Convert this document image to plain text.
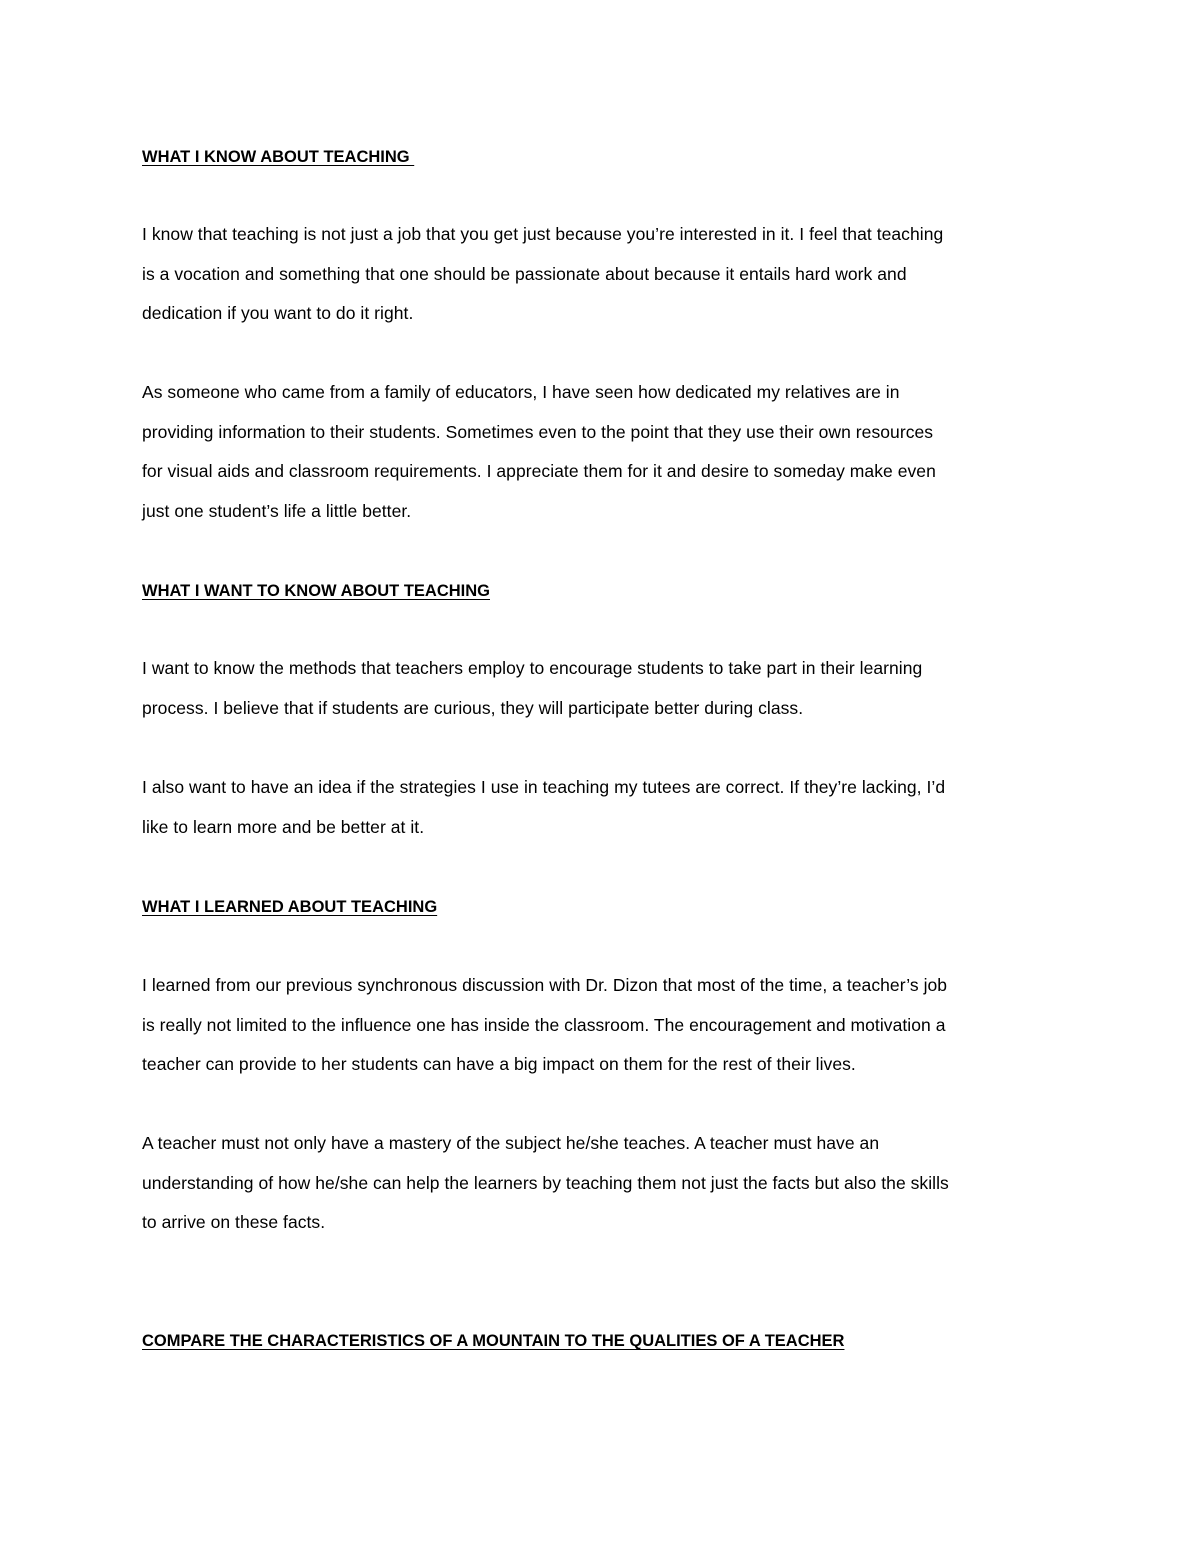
WHAT I KNOW ABOUT TEACHING
I know that teaching is not just a job that you get just because you’re interested in it. I feel that teaching
is a vocation and something that one should be passionate about because it entails hard work and
dedication if you want to do it right.
As someone who came from a family of educators, I have seen how dedicated my relatives are in
providing information to their students. Sometimes even to the point that they use their own resources
for visual aids and classroom requirements. I appreciate them for it and desire to someday make even
just one student’s life a little better.
WHAT I WANT TO KNOW ABOUT TEACHING
I want to know the methods that teachers employ to encourage students to take part in their learning
process. I believe that if students are curious, they will participate better during class.
I also want to have an idea if the strategies I use in teaching my tutees are correct. If they’re lacking, I’d
like to learn more and be better at it.
WHAT I LEARNED ABOUT TEACHING
I learned from our previous synchronous discussion with Dr. Dizon that most of the time, a teacher’s job
is really not limited to the influence one has inside the classroom. The encouragement and motivation a
teacher can provide to her students can have a big impact on them for the rest of their lives.
A teacher must not only have a mastery of the subject he/she teaches. A teacher must have an
understanding of how he/she can help the learners by teaching them not just the facts but also the skills
to arrive on these facts.
COMPARE THE CHARACTERISTICS OF A MOUNTAIN TO THE QUALITIES OF A TEACHER
